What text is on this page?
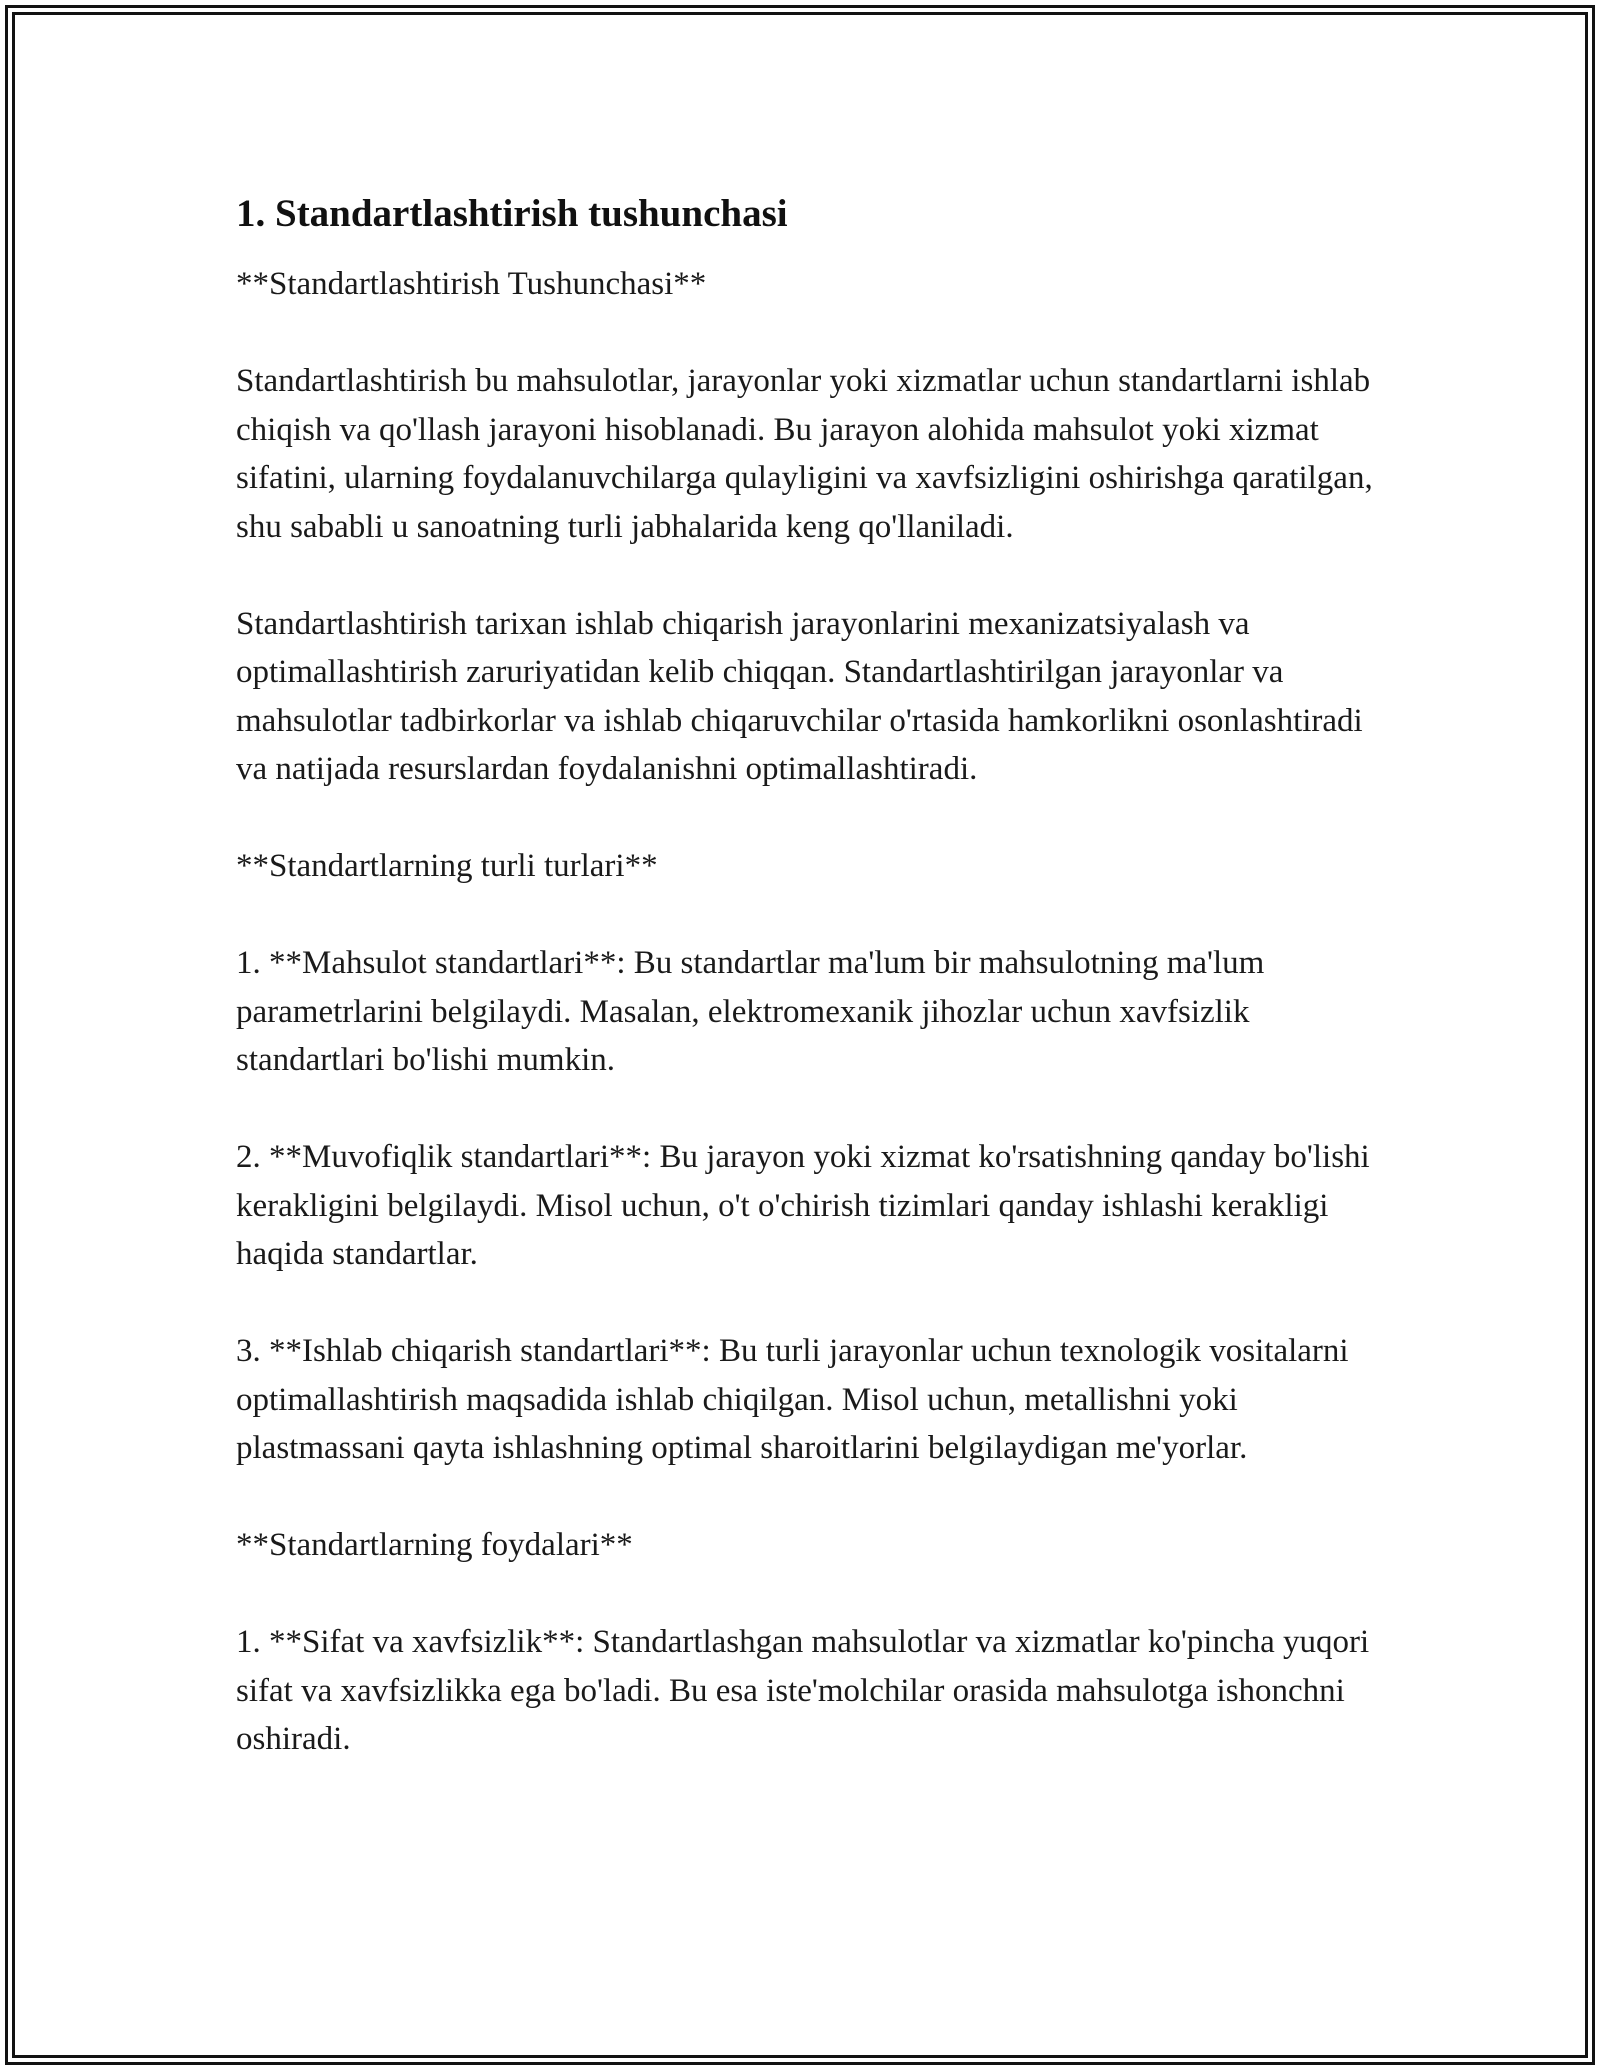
1. Standartlashtirish tushunchasi

**Standartlashtirish Tushunchasi**

Standartlashtirish bu mahsulotlar, jarayonlar yoki xizmatlar uchun standartlarni ishlab chiqish va qo'llash jarayoni hisoblanadi. Bu jarayon alohida mahsulot yoki xizmat sifatini, ularning foydalanuvchilarga qulayligini va xavfsizligini oshirishga qaratilgan, shu sababli u sanoatning turli jabhalarida keng qo'llaniladi.

Standartlashtirish tarixan ishlab chiqarish jarayonlarini mexanizatsiyalash va optimallashtirish zaruriyatidan kelib chiqqan. Standartlashtirilgan jarayonlar va mahsulotlar tadbirkorlar va ishlab chiqaruvchilar o'rtasida hamkorlikni osonlashtiradi va natijada resurslardan foydalanishni optimallashtiradi.

**Standartlarning turli turlari**

1. **Mahsulot standartlari**: Bu standartlar ma'lum bir mahsulotning ma'lum parametrlarini belgilaydi. Masalan, elektromexanik jihozlar uchun xavfsizlik standartlari bo'lishi mumkin.

2. **Muvofiqlik standartlari**: Bu jarayon yoki xizmat ko'rsatishning qanday bo'lishi kerakligini belgilaydi. Misol uchun, o't o'chirish tizimlari qanday ishlashi kerakligi haqida standartlar.

3. **Ishlab chiqarish standartlari**: Bu turli jarayonlar uchun texnologik vositalarni optimallashtirish maqsadida ishlab chiqilgan. Misol uchun, metallishni yoki plastmassani qayta ishlashning optimal sharoitlarini belgilaydigan me'yorlar.

**Standartlarning foydalari**

1. **Sifat va xavfsizlik**: Standartlashgan mahsulotlar va xizmatlar ko'pincha yuqori sifat va xavfsizlikka ega bo'ladi. Bu esa iste'molchilar orasida mahsulotga ishonchni oshiradi.
